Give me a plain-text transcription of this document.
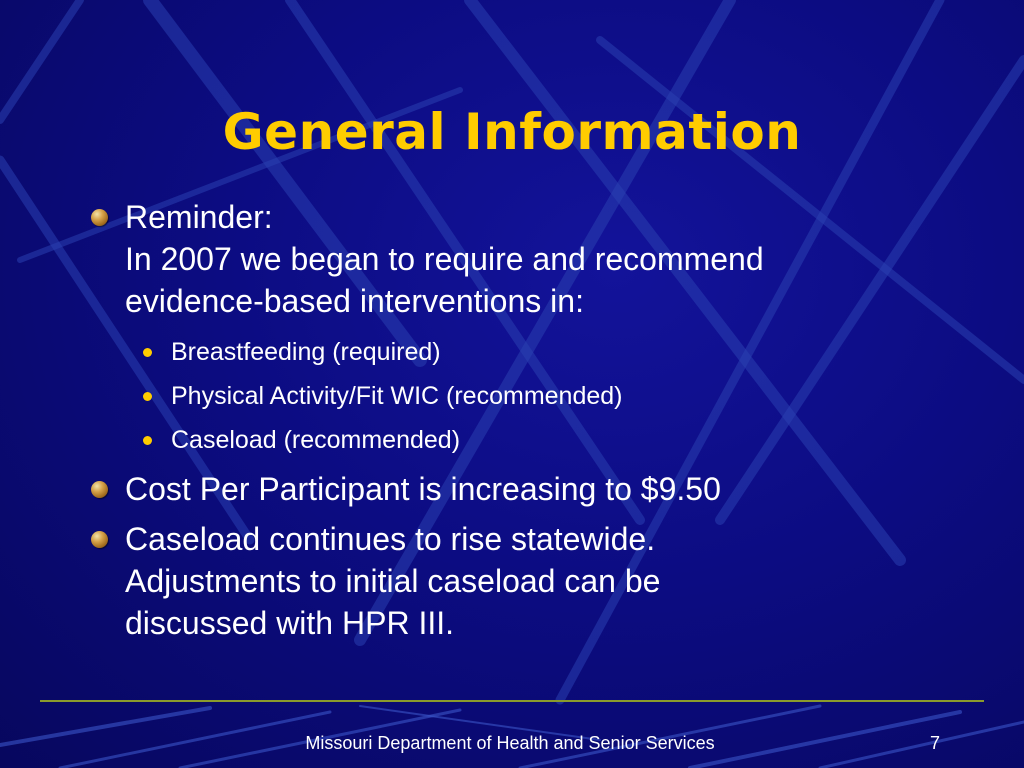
General Information
Reminder:
In 2007 we began to require and recommend
evidence-based interventions in:
Breastfeeding (required)
Physical Activity/Fit WIC (recommended)
Caseload (recommended)
Cost Per Participant is increasing to $9.50
Caseload continues to rise statewide.
Adjustments to initial caseload can be
discussed with HPR III.
Missouri Department of Health and Senior Services	7
